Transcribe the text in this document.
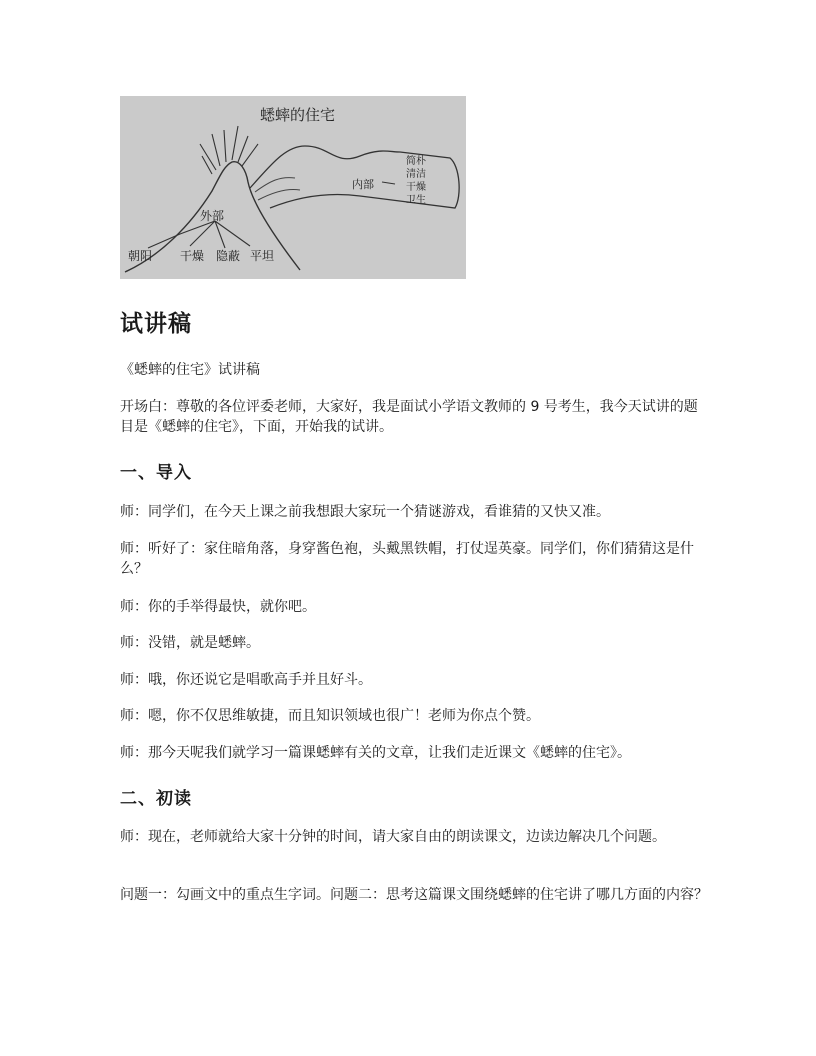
蟋蟀的住宅
内部
外部
简朴
清洁
干燥
卫生
朝阳 干燥 隐蔽 平坦
试讲稿

《蟋蟀的住宅》试讲稿

开场白：尊敬的各位评委老师，大家好，我是面试小学语文教师的 9 号考生，我今天试讲的题目是《蟋蟀的住宅》，下面，开始我的试讲。

一、导入

师：同学们，在今天上课之前我想跟大家玩一个猜谜游戏，看谁猜的又快又准。

师：听好了：家住暗角落，身穿酱色袍，头戴黑铁帽，打仗逞英豪。同学们，你们猜猜这是什么？

师：你的手举得最快，就你吧。

师：没错，就是蟋蟀。

师：哦，你还说它是唱歌高手并且好斗。

师：嗯，你不仅思维敏捷，而且知识领域也很广！老师为你点个赞。

师：那今天呢我们就学习一篇课蟋蟀有关的文章，让我们走近课文《蟋蟀的住宅》。

二、初读

师：现在，老师就给大家十分钟的时间，请大家自由的朗读课文，边读边解决几个问题。

问题一：勾画文中的重点生字词。问题二：思考这篇课文围绕蟋蟀的住宅讲了哪几方面的内容？
